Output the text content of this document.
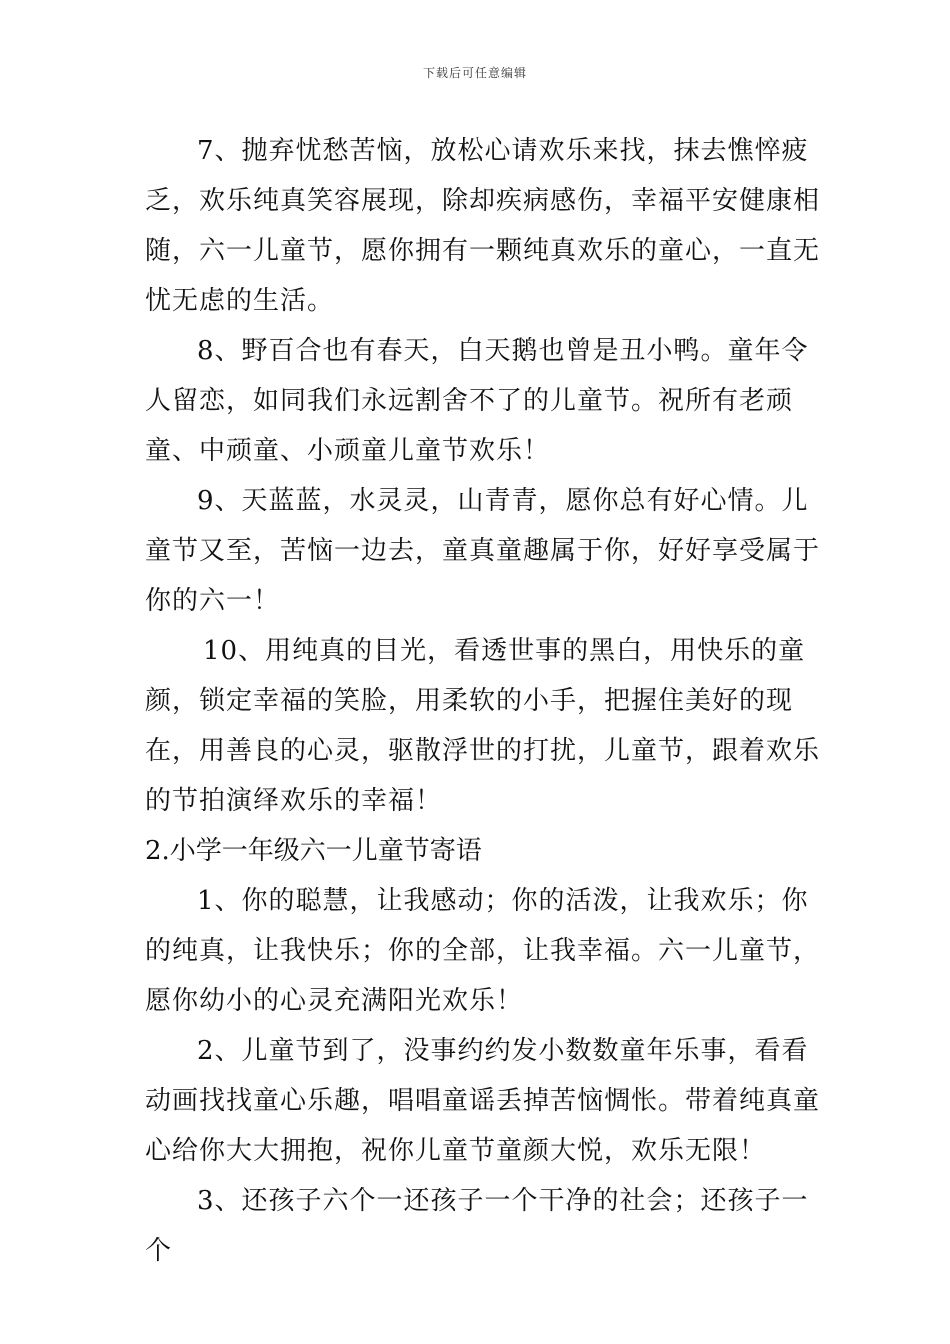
下载后可任意编辑

7、抛弃忧愁苦恼，放松心请欢乐来找，抹去憔悴疲乏，欢乐纯真笑容展现，除却疾病感伤，幸福平安健康相随，六一儿童节，愿你拥有一颗纯真欢乐的童心，一直无忧无虑的生活。

8、野百合也有春天，白天鹅也曾是丑小鸭。童年令人留恋，如同我们永远割舍不了的儿童节。祝所有老顽童、中顽童、小顽童儿童节欢乐！

9、天蓝蓝，水灵灵，山青青，愿你总有好心情。儿童节又至，苦恼一边去，童真童趣属于你，好好享受属于你的六一！

10、用纯真的目光，看透世事的黑白，用快乐的童颜，锁定幸福的笑脸，用柔软的小手，把握住美好的现在，用善良的心灵，驱散浮世的打扰，儿童节，跟着欢乐的节拍演绎欢乐的幸福！

2.小学一年级六一儿童节寄语

1、你的聪慧，让我感动；你的活泼，让我欢乐；你的纯真，让我快乐；你的全部，让我幸福。六一儿童节，愿你幼小的心灵充满阳光欢乐！

2、儿童节到了，没事约约发小数数童年乐事，看看动画找找童心乐趣，唱唱童谣丢掉苦恼惆怅。带着纯真童心给你大大拥抱，祝你儿童节童颜大悦，欢乐无限！

3、还孩子六个一还孩子一个干净的社会；还孩子一个
